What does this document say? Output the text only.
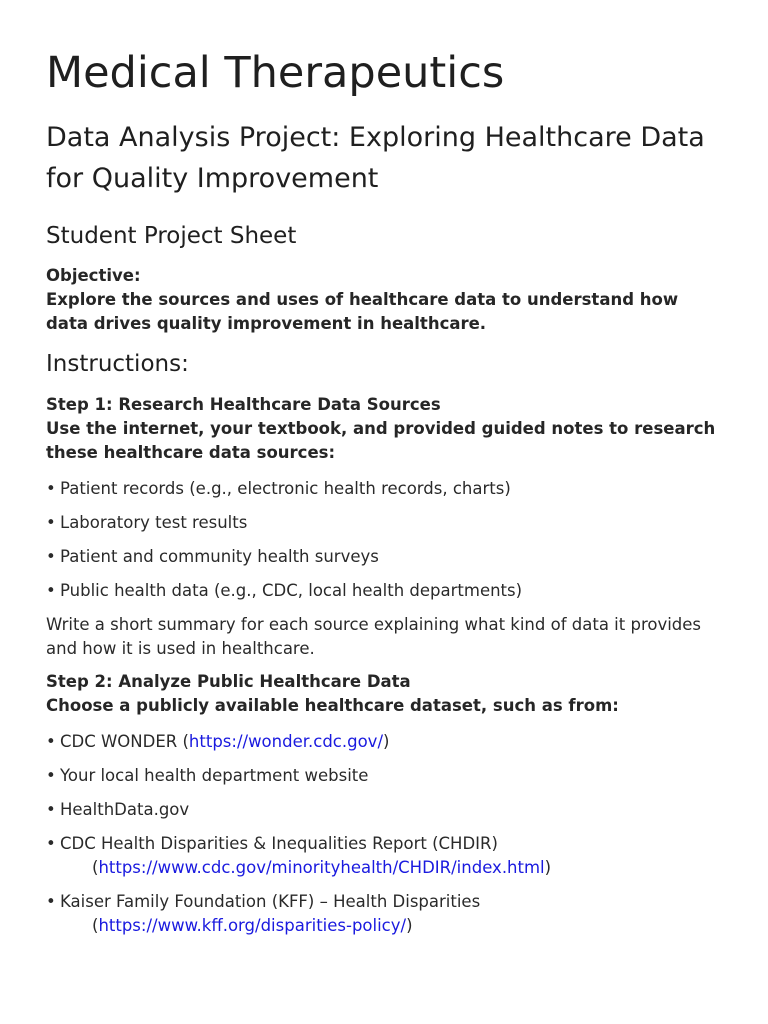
Medical Therapeutics
Data Analysis Project: Exploring Healthcare Data for Quality Improvement
Student Project Sheet
Objective:
Explore the sources and uses of healthcare data to understand how data drives quality improvement in healthcare.
Instructions:
Step 1: Research Healthcare Data Sources
Use the internet, your textbook, and provided guided notes to research these healthcare data sources:
• Patient records (e.g., electronic health records, charts)
• Laboratory test results
• Patient and community health surveys
• Public health data (e.g., CDC, local health departments)
Write a short summary for each source explaining what kind of data it provides and how it is used in healthcare.
Step 2: Analyze Public Healthcare Data
Choose a publicly available healthcare dataset, such as from:
• CDC WONDER (https://wonder.cdc.gov/)
• Your local health department website
• HealthData.gov
• CDC Health Disparities & Inequalities Report (CHDIR)
(https://www.cdc.gov/minorityhealth/CHDIR/index.html)
• Kaiser Family Foundation (KFF) – Health Disparities
(https://www.kff.org/disparities-policy/)
